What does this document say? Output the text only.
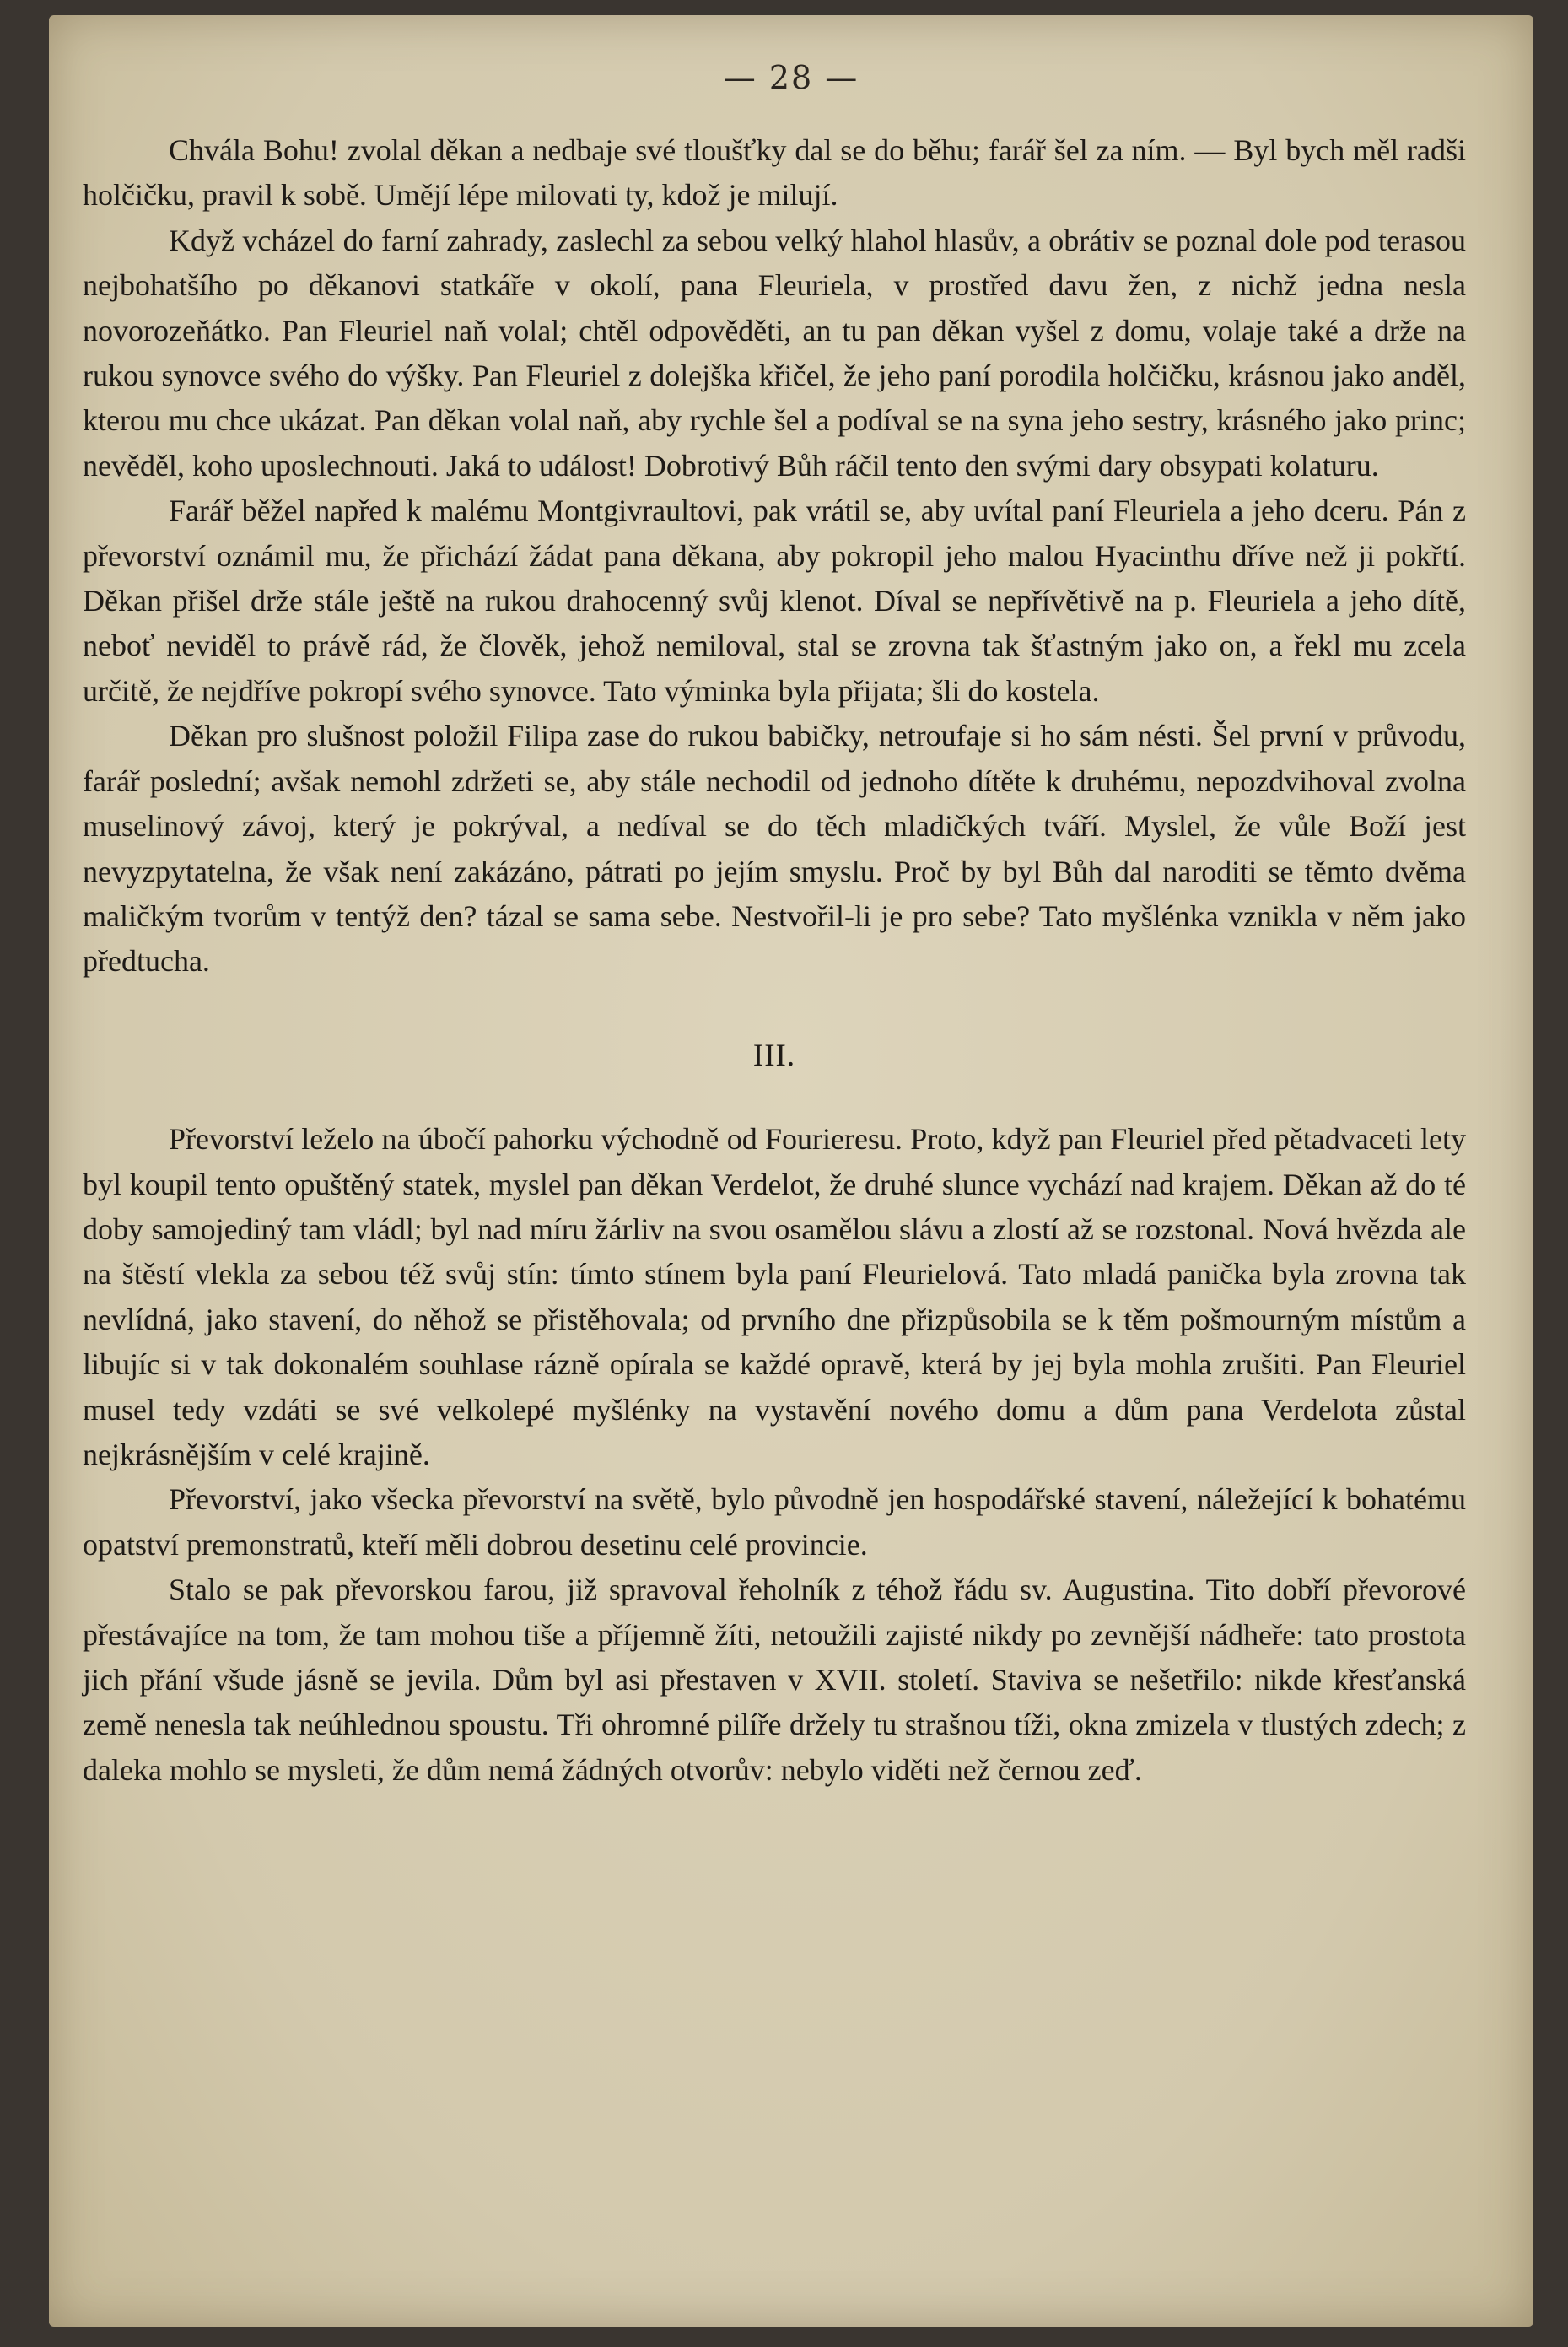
— 28 —

Chvála Bohu! zvolal děkan a nedbaje své tloušťky dal se do běhu; farář šel za ním. — Byl bych měl radši holčičku, pravil k sobě. Umějí lépe milovati ty, kdož je milují.

Když vcházel do farní zahrady, zaslechl za sebou velký hlahol hlasův, a obrátiv se poznal dole pod terasou nejbohatšího po děkanovi statkáře v okolí, pana Fleuriela, v prostřed davu žen, z nichž jedna nesla novorozeňátko. Pan Fleuriel naň volal; chtěl odpověděti, an tu pan děkan vyšel z domu, volaje také a drže na rukou synovce svého do výšky. Pan Fleuriel z dolejška křičel, že jeho paní porodila holčičku, krásnou jako anděl, kterou mu chce ukázat. Pan děkan volal naň, aby rychle šel a podíval se na syna jeho sestry, krásného jako princ; nevěděl, koho uposlechnouti. Jaká to událost! Dobrotivý Bůh ráčil tento den svými dary obsypati kolaturu.

Farář běžel napřed k malému Montgivraultovi, pak vrátil se, aby uvítal paní Fleuriela a jeho dceru. Pán z převorství oznámil mu, že přichází žádat pana děkana, aby pokropil jeho malou Hyacinthu dříve než ji pokřtí. Děkan přišel drže stále ještě na rukou drahocenný svůj klenot. Díval se nepřívětivě na p. Fleuriela a jeho dítě, neboť neviděl to právě rád, že člověk, jehož nemiloval, stal se zrovna tak šťastným jako on, a řekl mu zcela určitě, že nejdříve pokropí svého synovce. Tato výminka byla přijata; šli do kostela.

Děkan pro slušnost položil Filipa zase do rukou babičky, netroufaje si ho sám nésti. Šel první v průvodu, farář poslední; avšak nemohl zdržeti se, aby stále nechodil od jednoho dítěte k druhému, nepozdvihoval zvolna muselinový závoj, který je pokrýval, a nedíval se do těch mladičkých tváří. Myslel, že vůle Boží jest nevyzpytatelna, že však není zakázáno, pátrati po jejím smyslu. Proč by byl Bůh dal naroditi se těmto dvěma maličkým tvorům v tentýž den? tázal se sama sebe. Nestvořil-li je pro sebe? Tato myšlénka vznikla v něm jako předtucha.

III.

Převorství leželo na úbočí pahorku východně od Fourieresu. Proto, když pan Fleuriel před pětadvaceti lety byl koupil tento opuštěný statek, myslel pan děkan Verdelot, že druhé slunce vychází nad krajem. Děkan až do té doby samojediný tam vládl; byl nad míru žárliv na svou osamělou slávu a zlostí až se rozstonal. Nová hvězda ale na štěstí vlekla za sebou též svůj stín: tímto stínem byla paní Fleurielová. Tato mladá panička byla zrovna tak nevlídná, jako stavení, do něhož se přistěhovala; od prvního dne přizpůsobila se k těm pošmourným místům a libujíc si v tak dokonalém souhlase rázně opírala se každé opravě, která by jej byla mohla zrušiti. Pan Fleuriel musel tedy vzdáti se své velkolepé myšlénky na vystavění nového domu a dům pana Verdelota zůstal nejkrásnějším v celé krajině.

Převorství, jako všecka převorství na světě, bylo původně jen hospodářské stavení, náležející k bohatému opatství premonstratů, kteří měli dobrou desetinu celé provincie.

Stalo se pak převorskou farou, již spravoval řeholník z téhož řádu sv. Augustina. Tito dobří převorové přestávajíce na tom, že tam mohou tiše a příjemně žíti, netoužili zajisté nikdy po zevnější nádheře: tato prostota jich přání všude jásně se jevila. Dům byl asi přestaven v XVII. století. Staviva se nešetřilo: nikde křesťanská země nenesla tak neúhlednou spoustu. Tři ohromné pilíře držely tu strašnou tíži, okna zmizela v tlustých zdech; z daleka mohlo se mysleti, že dům nemá žádných otvorův: nebylo viděti než černou zeď.
